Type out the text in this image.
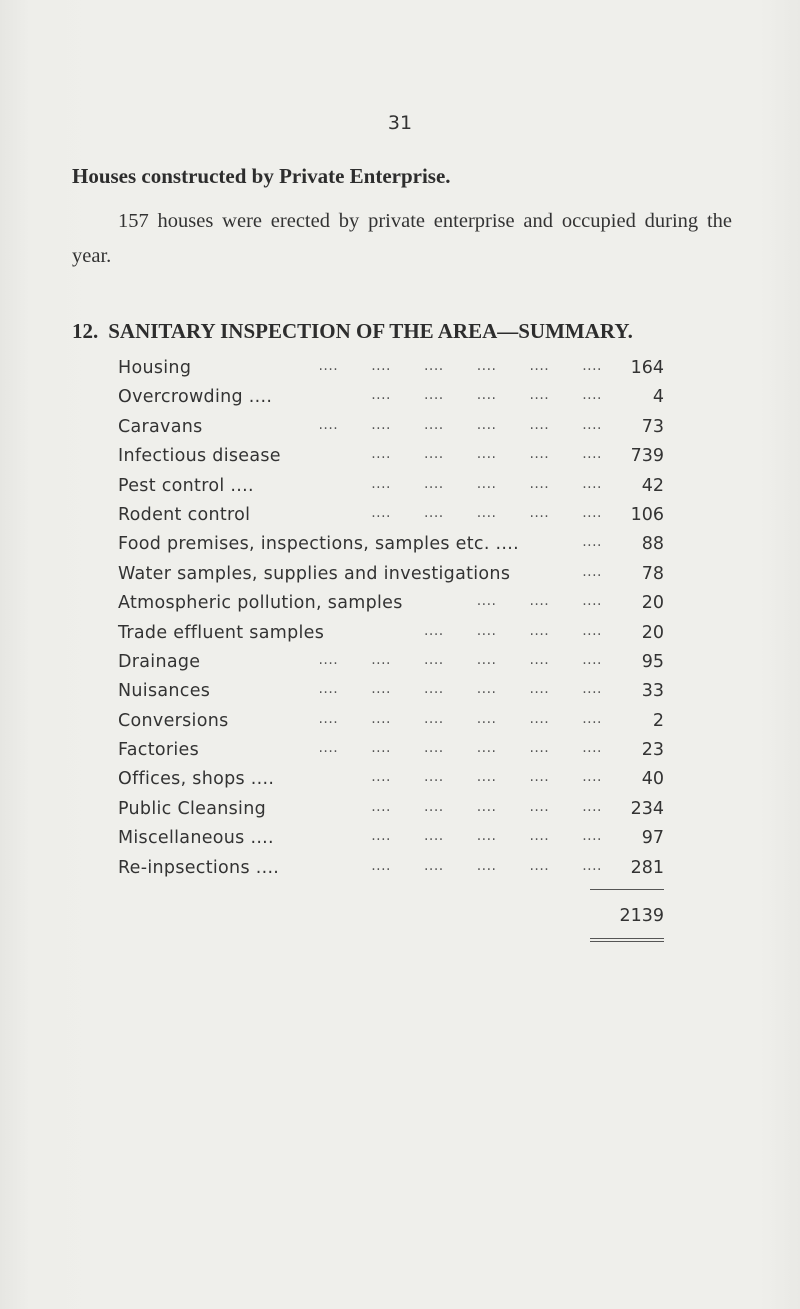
31
Houses constructed by Private Enterprise.
157 houses were erected by private enterprise and occupied during the year.
12. SANITARY INSPECTION OF THE AREA—SUMMARY.
Housing	.... .... .... .... .... .... 164
Overcrowding ....	.... .... .... .... ....	4
Caravans	.... .... .... .... .... .... 73
Infectious disease	.... .... .... .... .... 739
Pest control ....	.... .... .... .... .... 42
Rodent control	.... .... .... .... .... 106
Food premises, inspections, samples etc. ....	.... 88
Water samples, supplies and investigations	.... 78
Atmospheric pollution, samples	.... .... .... 20
Trade effluent samples	.... .... .... .... 20
Drainage	.... .... .... .... .... .... 95
Nuisances	.... .... .... .... .... .... 33
Conversions	.... .... .... .... .... ....	2
Factories	.... .... .... .... .... .... 23
Offices, shops ....	.... .... .... .... .... 40
Public Cleansing	.... .... .... .... .... 234
Miscellaneous ....	.... .... .... .... .... 97
Re-inpsections ....	.... .... .... .... .... 281
2139
